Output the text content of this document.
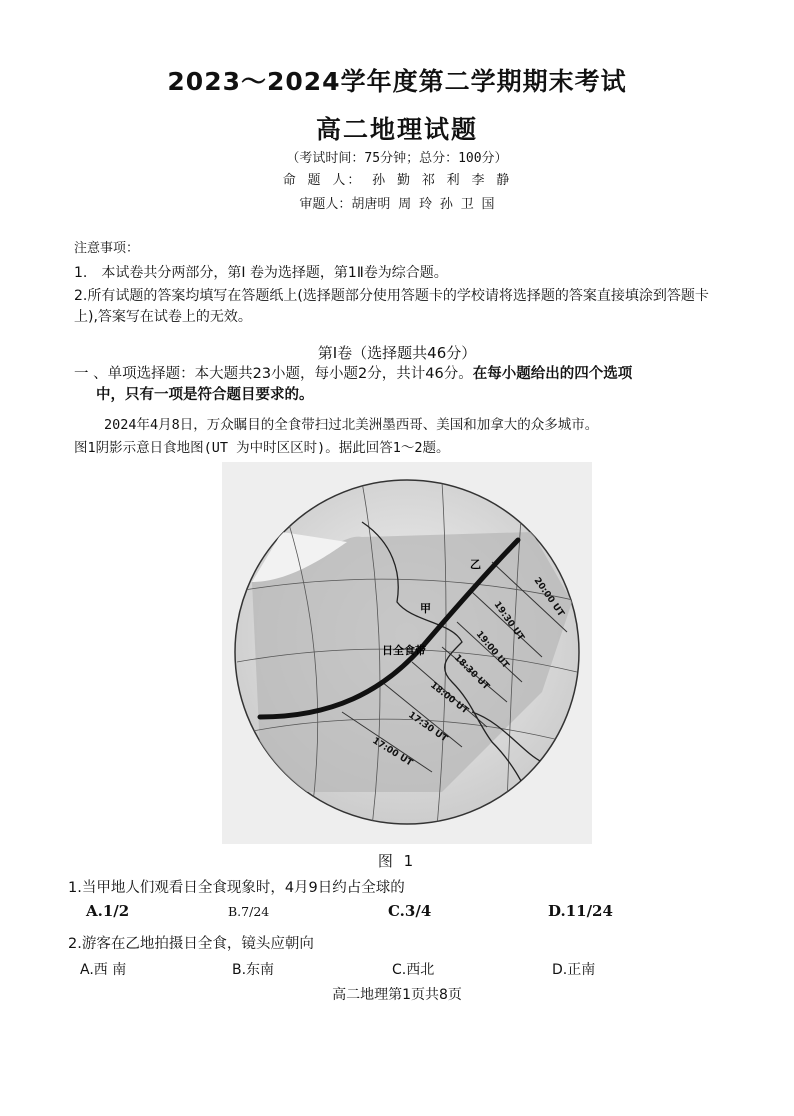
2023～2024学年度第二学期期末考试
高二地理试题
（考试时间：75分钟；总分：100分）
命 题 人： 孙 勤 祁 利 李 静
审题人：胡唐明 周 玲 孙 卫 国
注意事项：
1.　本试卷共分两部分，第Ⅰ 卷为选择题，第1Ⅱ卷为综合题。
2.所有试题的答案均填写在答题纸上(选择题部分使用答题卡的学校请将选择题的答案直接填涂到答题卡上),答案写在试卷上的无效。
第Ⅰ卷（选择题共46分）
一 、单项选择题：本大题共23小题，每小题2分，共计46分。在每小题给出的四个选项
中，只有一项是符合题目要求的。
2024年4月8日，万众瞩目的全食带扫过北美洲墨西哥、美国和加拿大的众多城市。
图1阴影示意日食地图(UT 为中时区区时)。据此回答1～2题。
甲
乙
日全食带
20:00 UT
19:30 UT
19:00 UT
18:30 UT
18:00 UT
17:30 UT
17:00 UT
图 1
1.当甲地人们观看日全食现象时，4月9日约占全球的
A.1/2	B.7/24	C.3/4	D.11/24
2.游客在乙地拍摄日全食，镜头应朝向
A.西 南	B.东南	C.西北	D.正南
高二地理第1页共8页
